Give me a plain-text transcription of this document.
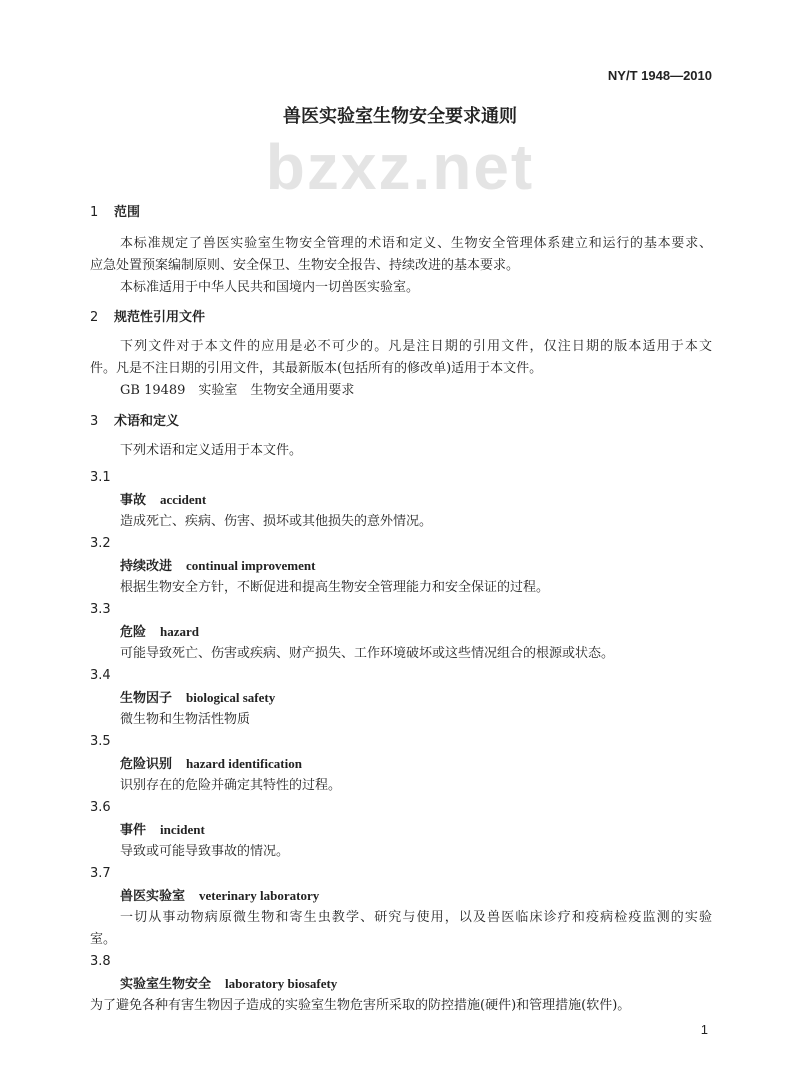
NY/T 1948—2010
兽医实验室生物安全要求通则
bzxz.net
1 范围
本标准规定了兽医实验室生物安全管理的术语和定义、生物安全管理体系建立和运行的基本要求、
应急处置预案编制原则、安全保卫、生物安全报告、持续改进的基本要求。
本标准适用于中华人民共和国境内一切兽医实验室。
2 规范性引用文件
下列文件对于本文件的应用是必不可少的。凡是注日期的引用文件，仅注日期的版本适用于本文
件。凡是不注日期的引用文件，其最新版本(包括所有的修改单)适用于本文件。
GB 19489　实验室　生物安全通用要求
3 术语和定义
下列术语和定义适用于本文件。
3.1
事故 accident
造成死亡、疾病、伤害、损坏或其他损失的意外情况。
3.2
持续改进 continual improvement
根据生物安全方针，不断促进和提高生物安全管理能力和安全保证的过程。
3.3
危险 hazard
可能导致死亡、伤害或疾病、财产损失、工作环境破坏或这些情况组合的根源或状态。
3.4
生物因子 biological safety
微生物和生物活性物质
3.5
危险识别 hazard identification
识别存在的危险并确定其特性的过程。
3.6
事件 incident
导致或可能导致事故的情况。
3.7
兽医实验室 veterinary laboratory
一切从事动物病原微生物和寄生虫教学、研究与使用，以及兽医临床诊疗和疫病检疫监测的实验
室。
3.8
实验室生物安全 laboratory biosafety
为了避免各种有害生物因子造成的实验室生物危害所采取的防控措施(硬件)和管理措施(软件)。
1
